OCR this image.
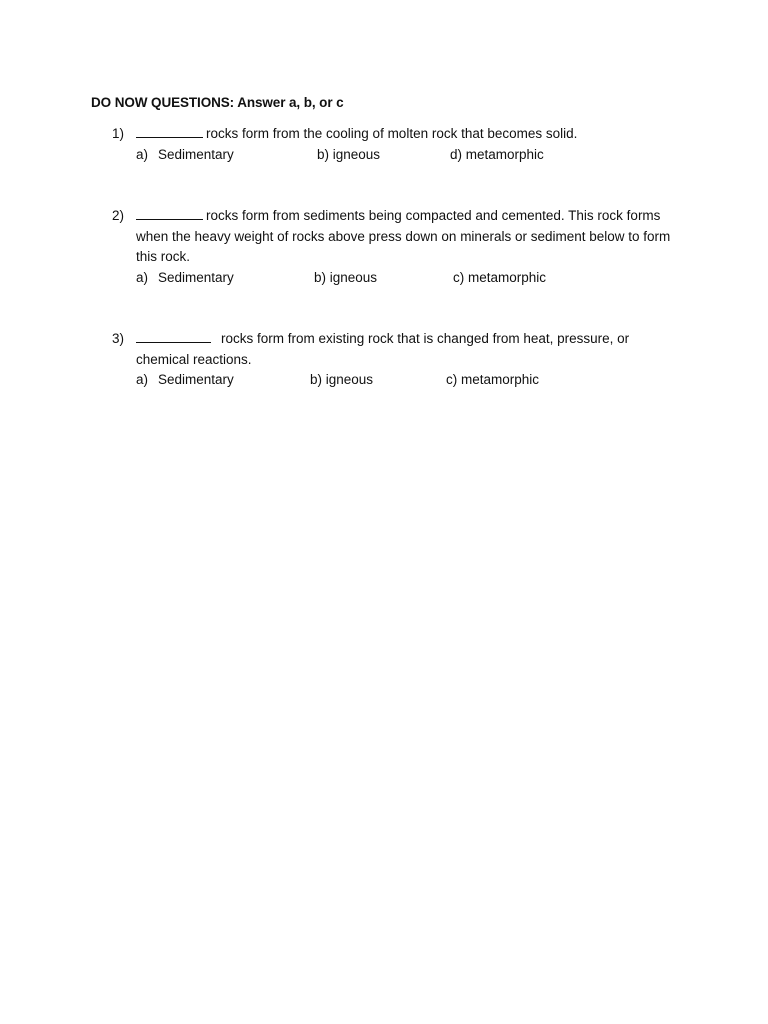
DO NOW QUESTIONS: Answer a, b, or c
1)	rocks form from the cooling of molten rock that becomes solid.
a) Sedimentary	b) igneous	d) metamorphic
2)	rocks form from sediments being compacted and cemented. This rock forms when the heavy weight of rocks above press down on minerals or sediment below to form this rock.
a) Sedimentary	b) igneous	c) metamorphic
3)	rocks form from existing rock that is changed from heat, pressure, or chemical reactions.
a) Sedimentary	b) igneous	c) metamorphic
